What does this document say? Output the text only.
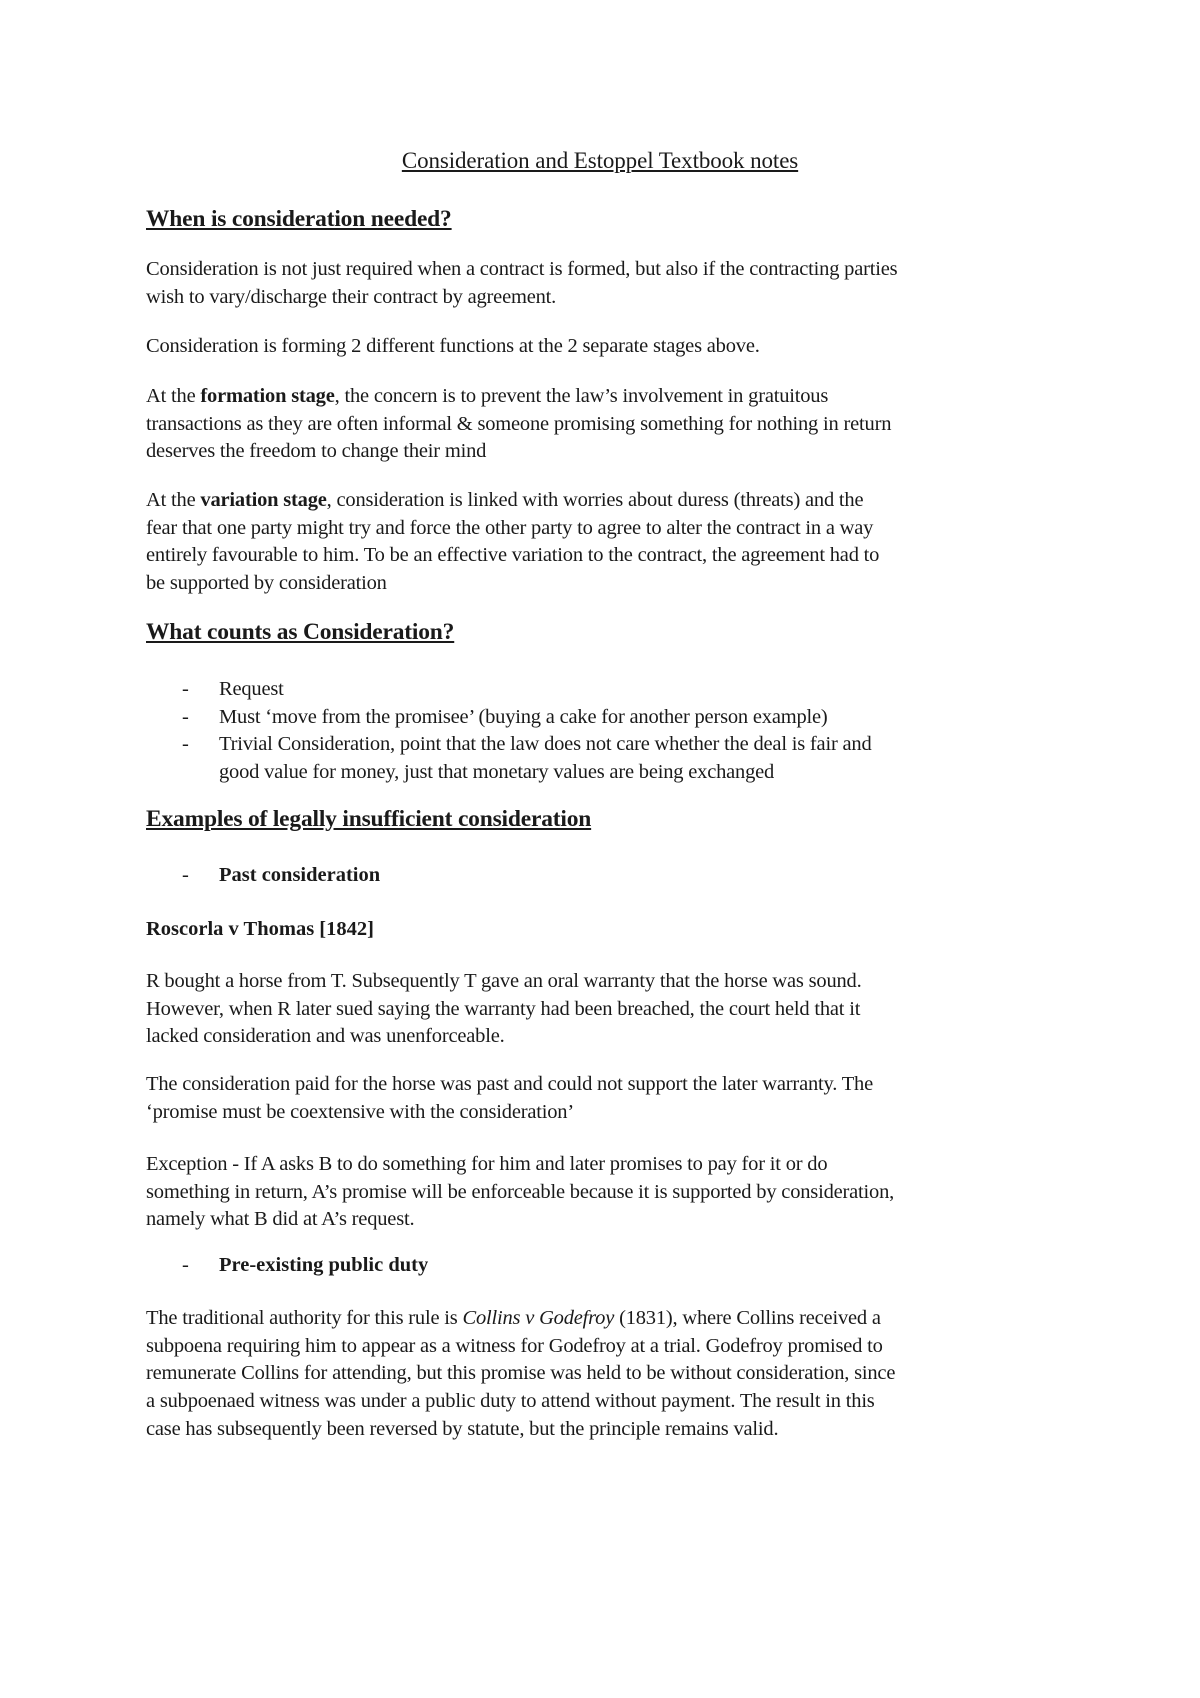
Consideration and Estoppel Textbook notes
When is consideration needed?
Consideration is not just required when a contract is formed, but also if the contracting parties
wish to vary/discharge their contract by agreement.
Consideration is forming 2 different functions at the 2 separate stages above.
At the formation stage, the concern is to prevent the law’s involvement in gratuitous
transactions as they are often informal & someone promising something for nothing in return
deserves the freedom to change their mind
At the variation stage, consideration is linked with worries about duress (threats) and the
fear that one party might try and force the other party to agree to alter the contract in a way
entirely favourable to him. To be an effective variation to the contract, the agreement had to
be supported by consideration
What counts as Consideration?
- Request
- Must ‘move from the promisee’ (buying a cake for another person example)
- Trivial Consideration, point that the law does not care whether the deal is fair and
good value for money, just that monetary values are being exchanged
Examples of legally insufficient consideration
- Past consideration
Roscorla v Thomas [1842]
R bought a horse from T. Subsequently T gave an oral warranty that the horse was sound.
However, when R later sued saying the warranty had been breached, the court held that it
lacked consideration and was unenforceable.
The consideration paid for the horse was past and could not support the later warranty. The
‘promise must be coextensive with the consideration’
Exception - If A asks B to do something for him and later promises to pay for it or do
something in return, A’s promise will be enforceable because it is supported by consideration,
namely what B did at A’s request.
- Pre-existing public duty
The traditional authority for this rule is Collins v Godefroy (1831), where Collins received a
subpoena requiring him to appear as a witness for Godefroy at a trial. Godefroy promised to
remunerate Collins for attending, but this promise was held to be without consideration, since
a subpoenaed witness was under a public duty to attend without payment. The result in this
case has subsequently been reversed by statute, but the principle remains valid.
